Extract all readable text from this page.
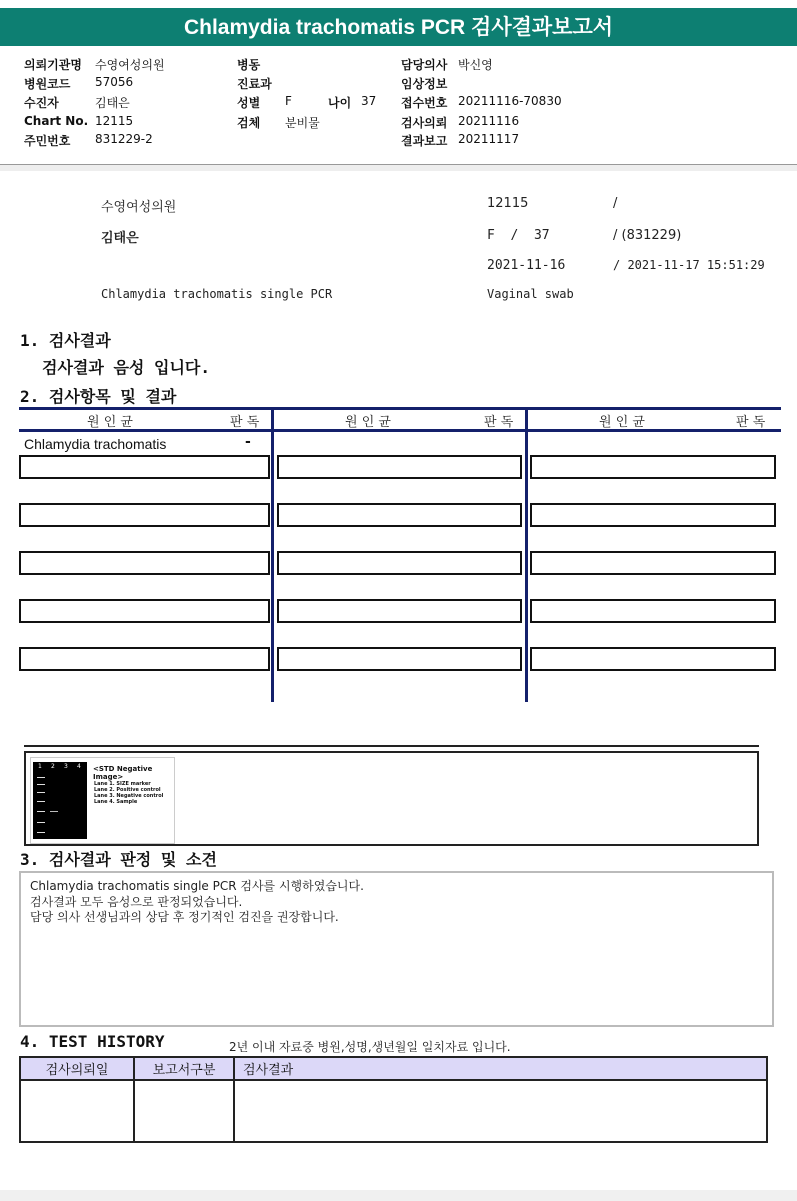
Chlamydia trachomatis PCR 검사결과보고서
의뢰기관명 수영여성의원
병원코드 57056
수진자	김태은
Chart No. 12115
주민번호 831229-2
병동
진료과
성별 F	나이 37
검체 분비물
담당의사 박신영
임상정보
접수번호 20211116-70830
검사의뢰 20211116
결과보고 20211117
수영여성의원	12115	/
김태은	F  /  37	/ (831229)
2021-11-16	/ 2021-11-17 15:51:29
Chlamydia trachomatis single PCR	Vaginal swab
1. 검사결과
검사결과 음성 입니다.
2. 검사항목 및 결과
원 인 균	판 독	원 인 균	판 독	원 인 균	판 독
Chlamydia trachomatis	-
1 2 3 4 <STD Negative Image>
Lane 1. SIZE marker
Lane 2. Positive control
Lane 3. Negative control
Lane 4. Sample
3. 검사결과 판정 및 소견
Chlamydia trachomatis single PCR 검사를 시행하였습니다.
검사결과 모두 음성으로 판정되었습니다.
담당 의사 선생님과의 상담 후 정기적인 검진을 권장합니다.
4. TEST HISTORY	2년 이내 자료중 병원,성명,생년월일 일치자료 입니다.
검사의뢰일	보고서구분	검사결과
